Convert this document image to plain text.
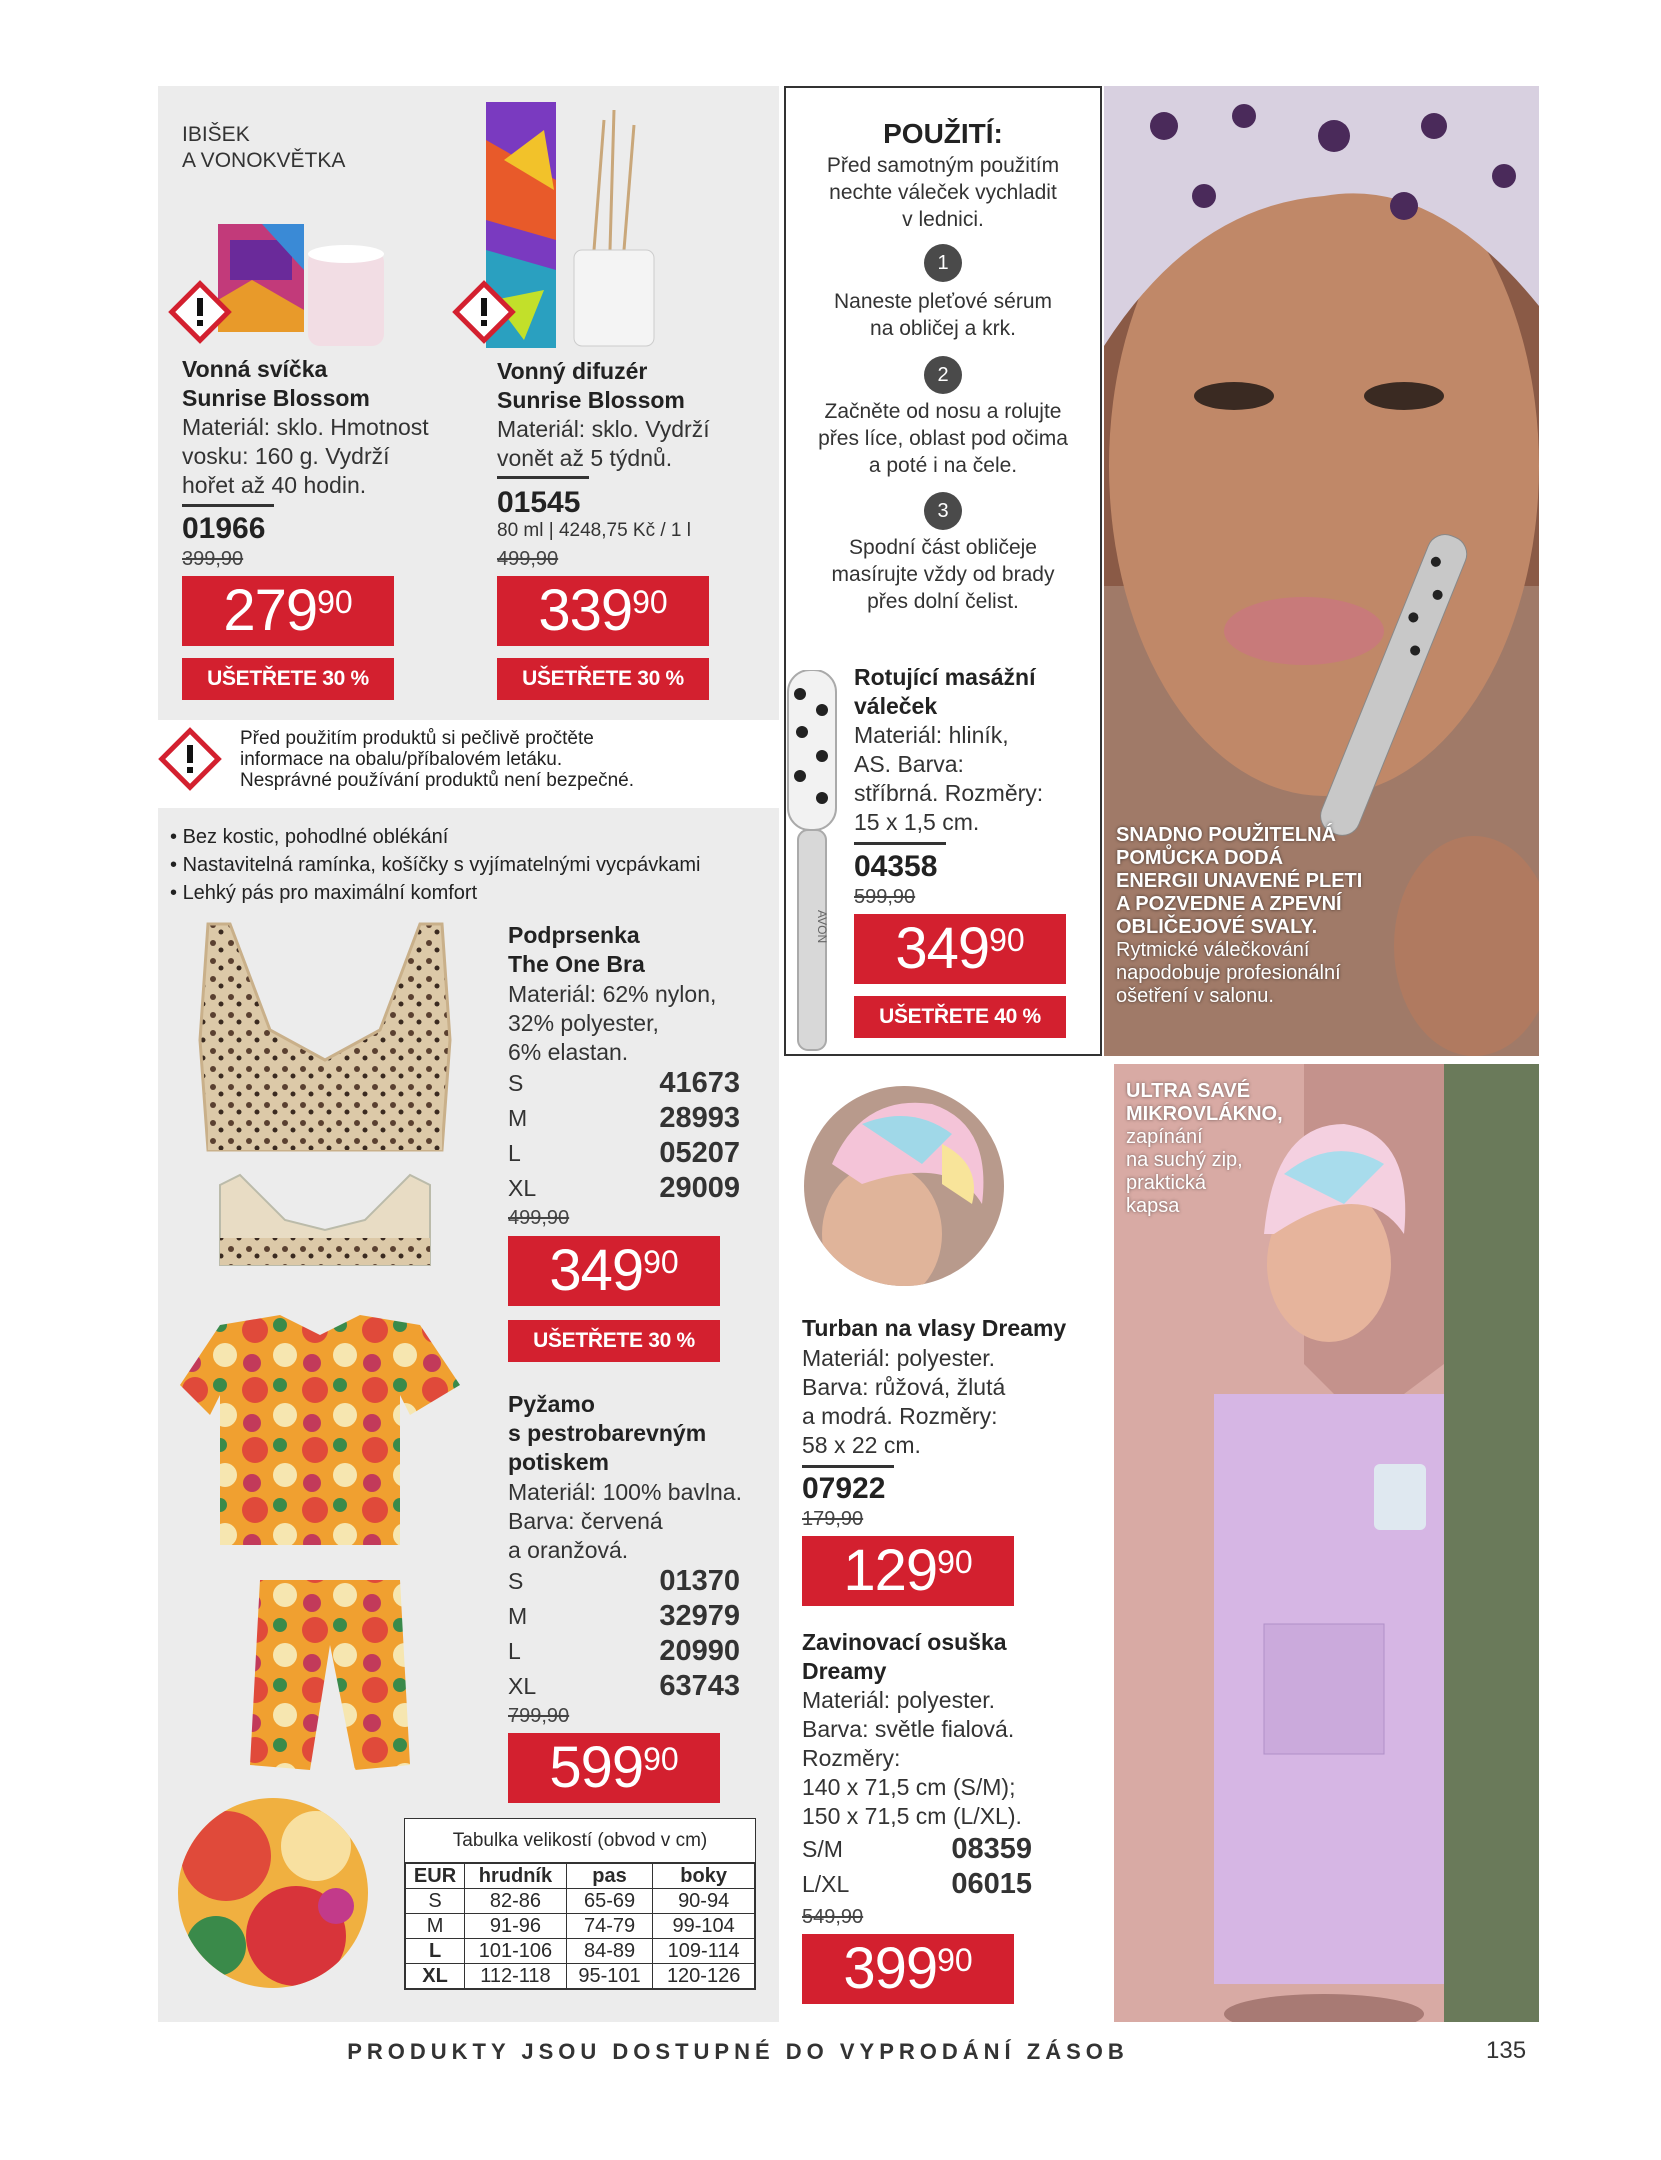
IBIŠEK
A VONOKVĚTKA
Vonná svíčka
Sunrise Blossom
Materiál: sklo. Hmotnost
vosku: 160 g. Vydrží
hořet až 40 hodin.
01966
399,90
279 90
UŠETŘETE 30 %
Vonný difuzér
Sunrise Blossom
Materiál: sklo. Vydrží
vonět až 5 týdnů.
01545
80 ml | 4248,75 Kč / 1 l
499,90
339 90
UŠETŘETE 30 %
Před použitím produktů si pečlivě pročtěte
informace na obalu/příbalovém letáku.
Nesprávné používání produktů není bezpečné.
• Bez kostic, pohodlné oblékání
• Nastavitelná ramínka, košíčky s vyjímatelnými vycpávkami
• Lehký pás pro maximální komfort
Podprsenka
The One Bra
Materiál: 62% nylon,
32% polyester,
6% elastan.
S	41673
M	28993
L	05207
XL	29009
499,90
349 90
UŠETŘETE 30 %
Pyžamo
s pestrobarevným
potiskem
Materiál: 100% bavlna.
Barva: červená
a oranžová.
S	01370
M	32979
L	20990
XL	63743
799,90
599 90
Tabulka velikostí (obvod v cm)
EUR	hrudník	pas	boky
S	82-86	65-69	90-94
M	91-96	74-79	99-104
L	101-106	84-89	109-114
XL	112-118	95-101	120-126
POUŽITÍ:
Před samotným použitím
nechte váleček vychladit
v lednici.
1
Naneste pleťové sérum
na obličej a krk.
2
Začněte od nosu a rolujte
přes líce, oblast pod očima
a poté i na čele.
3
Spodní část obličeje
masírujte vždy od brady
přes dolní čelist.
AVON
Rotující masážní
váleček
Materiál: hliník,
AS. Barva:
stříbrná. Rozměry:
15 x 1,5 cm.
04358
599,90
349 90
UŠETŘETE 40 %
SNADNO POUŽITELNÁ
POMŮCKA DODÁ
ENERGII UNAVENÉ PLETI
A POZVEDNE A ZPEVNÍ
OBLIČEJOVÉ SVALY.
Rytmické válečkování
napodobuje profesionální
ošetření v salonu.
Turban na vlasy Dreamy
Materiál: polyester.
Barva: růžová, žlutá
a modrá. Rozměry:
58 x 22 cm.
07922
179,90
129 90
Zavinovací osuška
Dreamy
Materiál: polyester.
Barva: světle fialová.
Rozměry:
140 x 71,5 cm (S/M);
150 x 71,5 cm (L/XL).
S/M	08359
L/XL	06015
549,90
399 90
ULTRA SAVÉ
MIKROVLÁKNO,
zapínání
na suchý zip,
praktická
kapsa
PRODUKTY JSOU DOSTUPNÉ DO VYPRODÁNÍ ZÁSOB	135
